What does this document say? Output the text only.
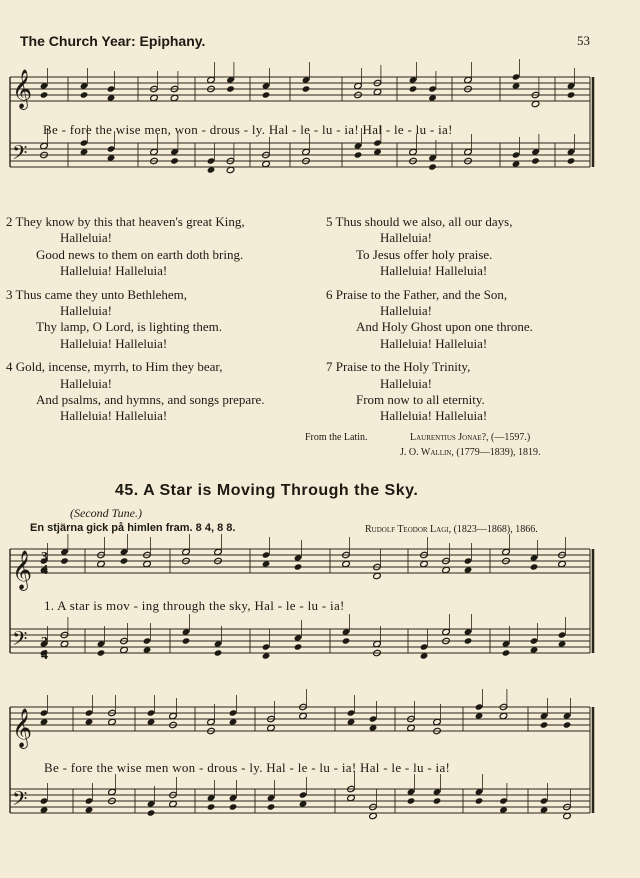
The Church Year: Epiphany.	53
𝄞
𝄞
𝄞
𝄢
𝄢
𝄢
Be - fore the wise men, won - drous - ly. Hal - le - lu - ia! Hal - le - lu - ia!
2 They know by this that heaven's great King,
Halleluia!
Good news to them on earth doth bring.
Halleluia! Halleluia!
3 Thus came they unto Bethlehem,
Halleluia!
Thy lamp, O Lord, is lighting them.
Halleluia! Halleluia!
4 Gold, incense, myrrh, to Him they bear,
Halleluia!
And psalms, and hymns, and songs prepare.
Halleluia! Halleluia!
5 Thus should we also, all our days,
Halleluia!
To Jesus offer holy praise.
Halleluia! Halleluia!
6 Praise to the Father, and the Son,
Halleluia!
And Holy Ghost upon one throne.
Halleluia! Halleluia!
7 Praise to the Holy Trinity,
Halleluia!
From now to all eternity.
Halleluia! Halleluia!
From the Latin.	Laurentius Jonae?, (—1597.)
J. O. Wallin, (1779—1839), 1819.
45. A Star is Moving Through the Sky.
(Second Tune.)
En stjärna gick på himlen fram. 8 4, 8 8.	Rudolf Teodor Lagi, (1823—1868), 1866.
3
4
3
4
1. A star is mov - ing through the sky, Hal - le - lu - ia!
Be - fore the wise men won - drous - ly. Hal - le - lu - ia! Hal - le - lu - ia!
